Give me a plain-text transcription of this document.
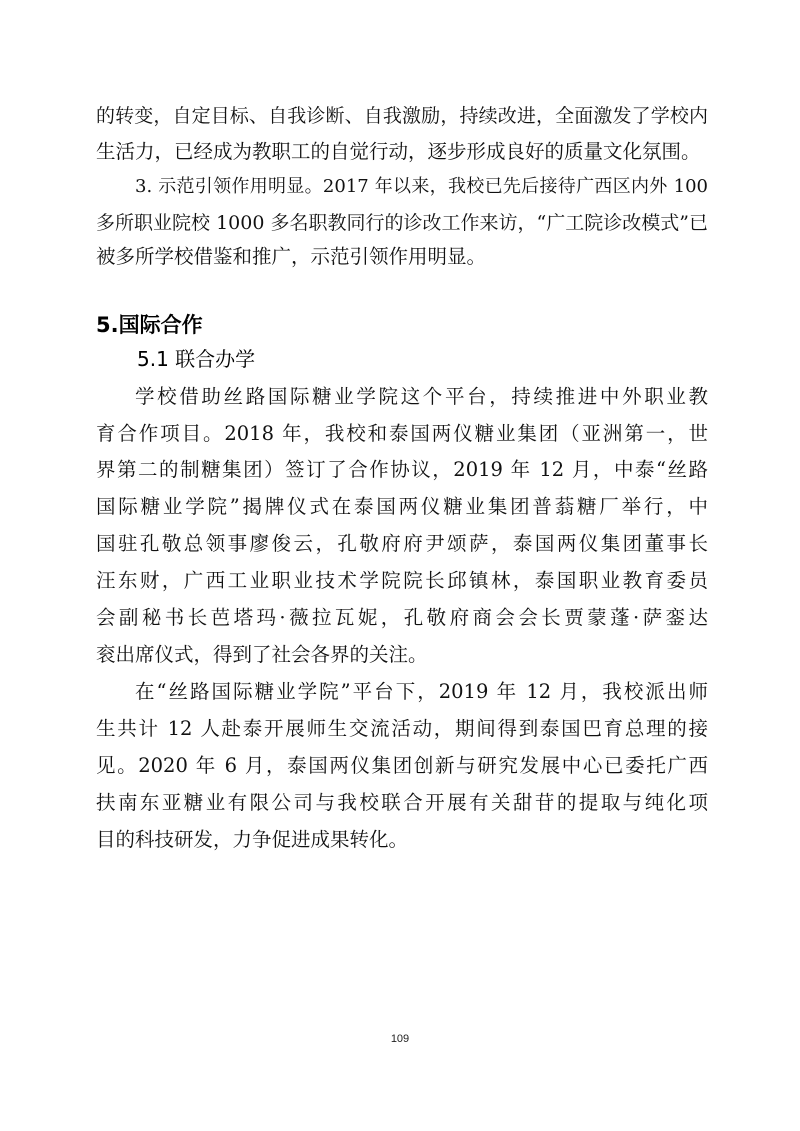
的转变，自定目标、自我诊断、自我激励，持续改进，全面激发了学校内
生活力，已经成为教职工的自觉行动，逐步形成良好的质量文化氛围。
3. 示范引领作用明显。2017 年以来，我校已先后接待广西区内外 100
多所职业院校 1000 多名职教同行的诊改工作来访，“广工院诊改模式”已
被多所学校借鉴和推广，示范引领作用明显。
5.国际合作
5.1 联合办学
学校借助丝路国际糖业学院这个平台，持续推进中外职业教
育合作项目。2018 年，我校和泰国两仪糖业集团（亚洲第一，世
界第二的制糖集团）签订了合作协议，2019 年 12 月，中泰“丝路
国际糖业学院”揭牌仪式在泰国两仪糖业集团普蓊糖厂举行，中
国驻孔敬总领事廖俊云，孔敬府府尹颂萨，泰国两仪集团董事长
汪东财，广西工业职业技术学院院长邱镇林，泰国职业教育委员
会副秘书长芭塔玛·薇拉瓦妮，孔敬府商会会长贾蒙蓬·萨銮达
衮出席仪式，得到了社会各界的关注。
在“丝路国际糖业学院”平台下，2019 年 12 月，我校派出师
生共计 12 人赴泰开展师生交流活动，期间得到泰国巴育总理的接
见。2020 年 6 月，泰国两仪集团创新与研究发展中心已委托广西
扶南东亚糖业有限公司与我校联合开展有关甜苷的提取与纯化项
目的科技研发，力争促进成果转化。
109
